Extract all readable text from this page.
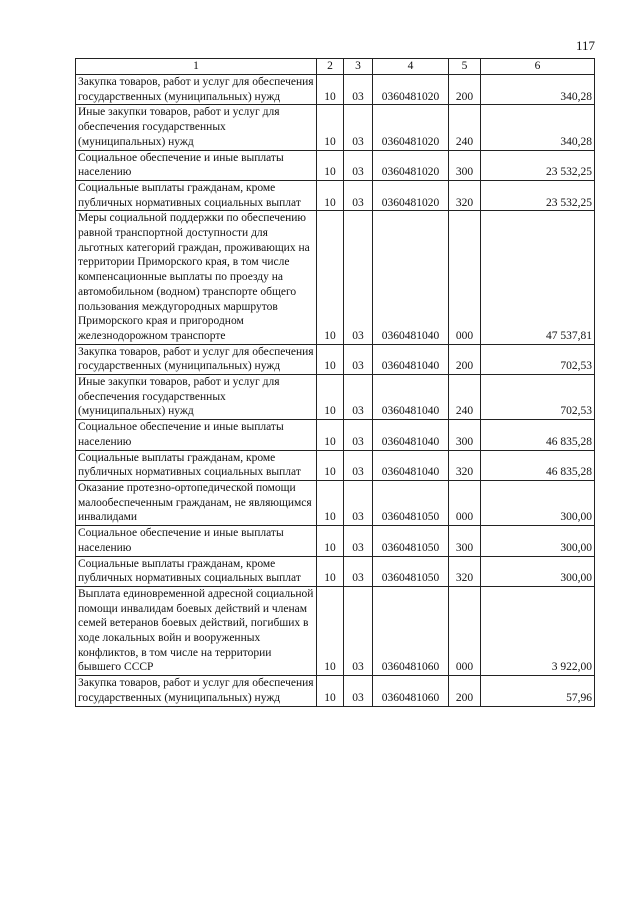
117
1	2	3	4	5	6
Закупка товаров, работ и услуг для обеспечения государственных (муниципальных) нужд	10	03	0360481020	200	340,28
Иные закупки товаров, работ и услуг для обеспечения государственных (муниципальных) нужд	10	03	0360481020	240	340,28
Социальное обеспечение и иные выплаты населению	10	03	0360481020	300	23 532,25
Социальные выплаты гражданам, кроме публичных нормативных социальных выплат	10	03	0360481020	320	23 532,25
Меры социальной поддержки по обеспечению равной транспортной доступности для льготных категорий граждан, проживающих на территории Приморского края, в том числе компенсационные выплаты по проезду на автомобильном (водном) транспорте общего пользования междугородных маршрутов Приморского края и пригородном железнодорожном транспорте	10	03	0360481040	000	47 537,81
Закупка товаров, работ и услуг для обеспечения государственных (муниципальных) нужд	10	03	0360481040	200	702,53
Иные закупки товаров, работ и услуг для обеспечения государственных (муниципальных) нужд	10	03	0360481040	240	702,53
Социальное обеспечение и иные выплаты населению	10	03	0360481040	300	46 835,28
Социальные выплаты гражданам, кроме публичных нормативных социальных выплат	10	03	0360481040	320	46 835,28
Оказание протезно-ортопедической помощи малообеспеченным гражданам, не являющимся инвалидами	10	03	0360481050	000	300,00
Социальное обеспечение и иные выплаты населению	10	03	0360481050	300	300,00
Социальные выплаты гражданам, кроме публичных нормативных социальных выплат	10	03	0360481050	320	300,00
Выплата единовременной адресной социальной помощи инвалидам боевых действий и членам семей ветеранов боевых действий, погибших в ходе локальных войн и вооруженных конфликтов, в том числе на территории бывшего СССР	10	03	0360481060	000	3 922,00
Закупка товаров, работ и услуг для обеспечения государственных (муниципальных) нужд	10	03	0360481060	200	57,96
